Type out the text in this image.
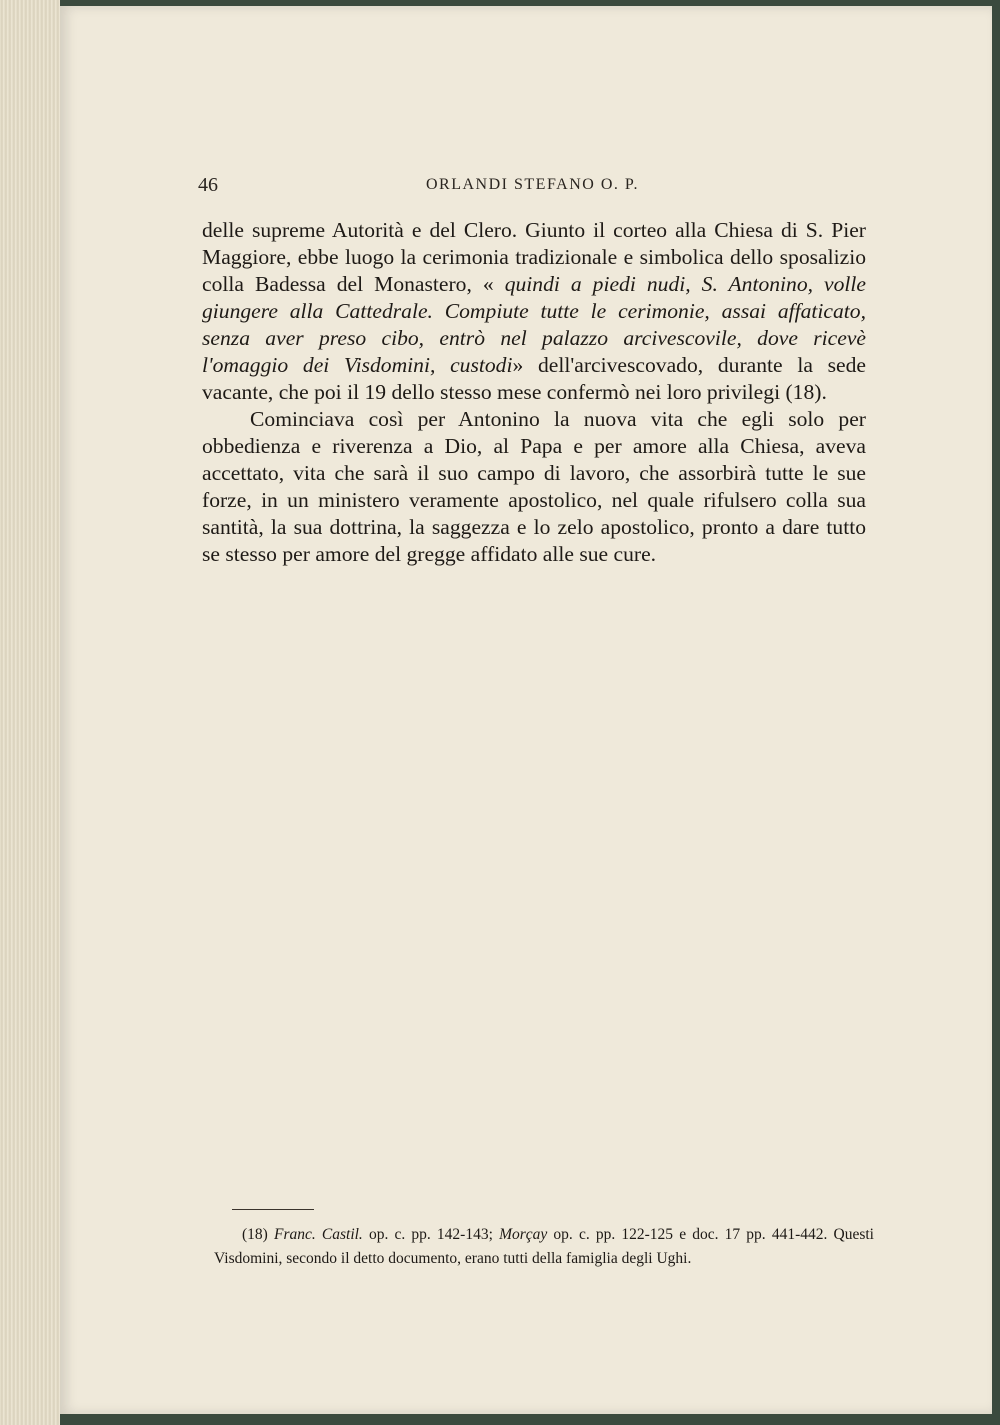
46	ORLANDI STEFANO O. P.

delle supreme Autorità e del Clero. Giunto il corteo alla Chiesa di S. Pier Maggiore, ebbe luogo la cerimonia tradizionale e simbolica dello sposalizio colla Badessa del Monastero, « quindi a piedi nudi, S. Antonino, volle giungere alla Cattedrale. Compiute tutte le cerimonie, assai affaticato, senza aver preso cibo, entrò nel palazzo arcivescovile, dove ricevè l'omaggio dei Visdomini, custodi» dell'arcivescovado, durante la sede vacante, che poi il 19 dello stesso mese confermò nei loro privilegi (18).

Cominciava così per Antonino la nuova vita che egli solo per obbedienza e riverenza a Dio, al Papa e per amore alla Chiesa, aveva accettato, vita che sarà il suo campo di lavoro, che assorbirà tutte le sue forze, in un ministero veramente apostolico, nel quale rifulsero colla sua santità, la sua dottrina, la saggezza e lo zelo apostolico, pronto a dare tutto se stesso per amore del gregge affidato alle sue cure.

(18) Franc. Castil. op. c. pp. 142-143; Morçay op. c. pp. 122-125 e doc. 17 pp. 441-442. Questi Visdomini, secondo il detto documento, erano tutti della famiglia degli Ughi.
